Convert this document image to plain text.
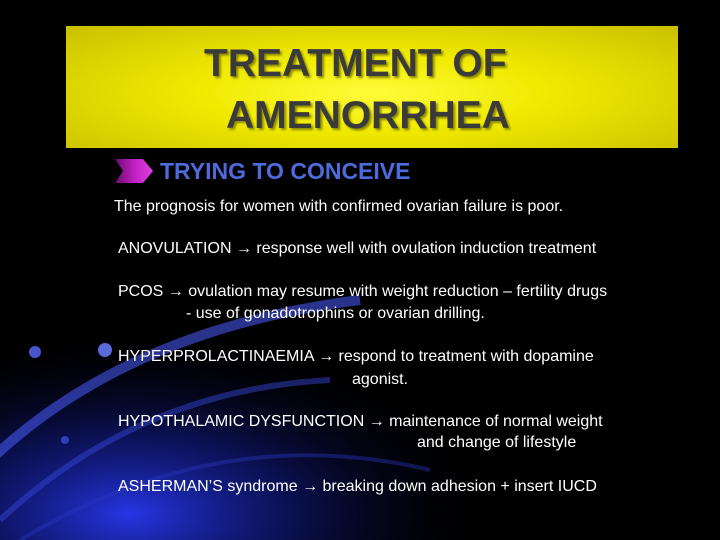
TREATMENT OF
AMENORRHEA
TRYING TO CONCEIVE
The prognosis for women with confirmed ovarian failure is poor.
ANOVULATION → response well with ovulation induction treatment
PCOS → ovulation may resume with weight reduction – fertility drugs
- use of gonadotrophins or ovarian drilling.
HYPERPROLACTINAEMIA → respond to treatment with dopamine
agonist.
HYPOTHALAMIC DYSFUNCTION → maintenance of normal weight
and change of lifestyle
ASHERMAN’S syndrome → breaking down adhesion + insert IUCD
